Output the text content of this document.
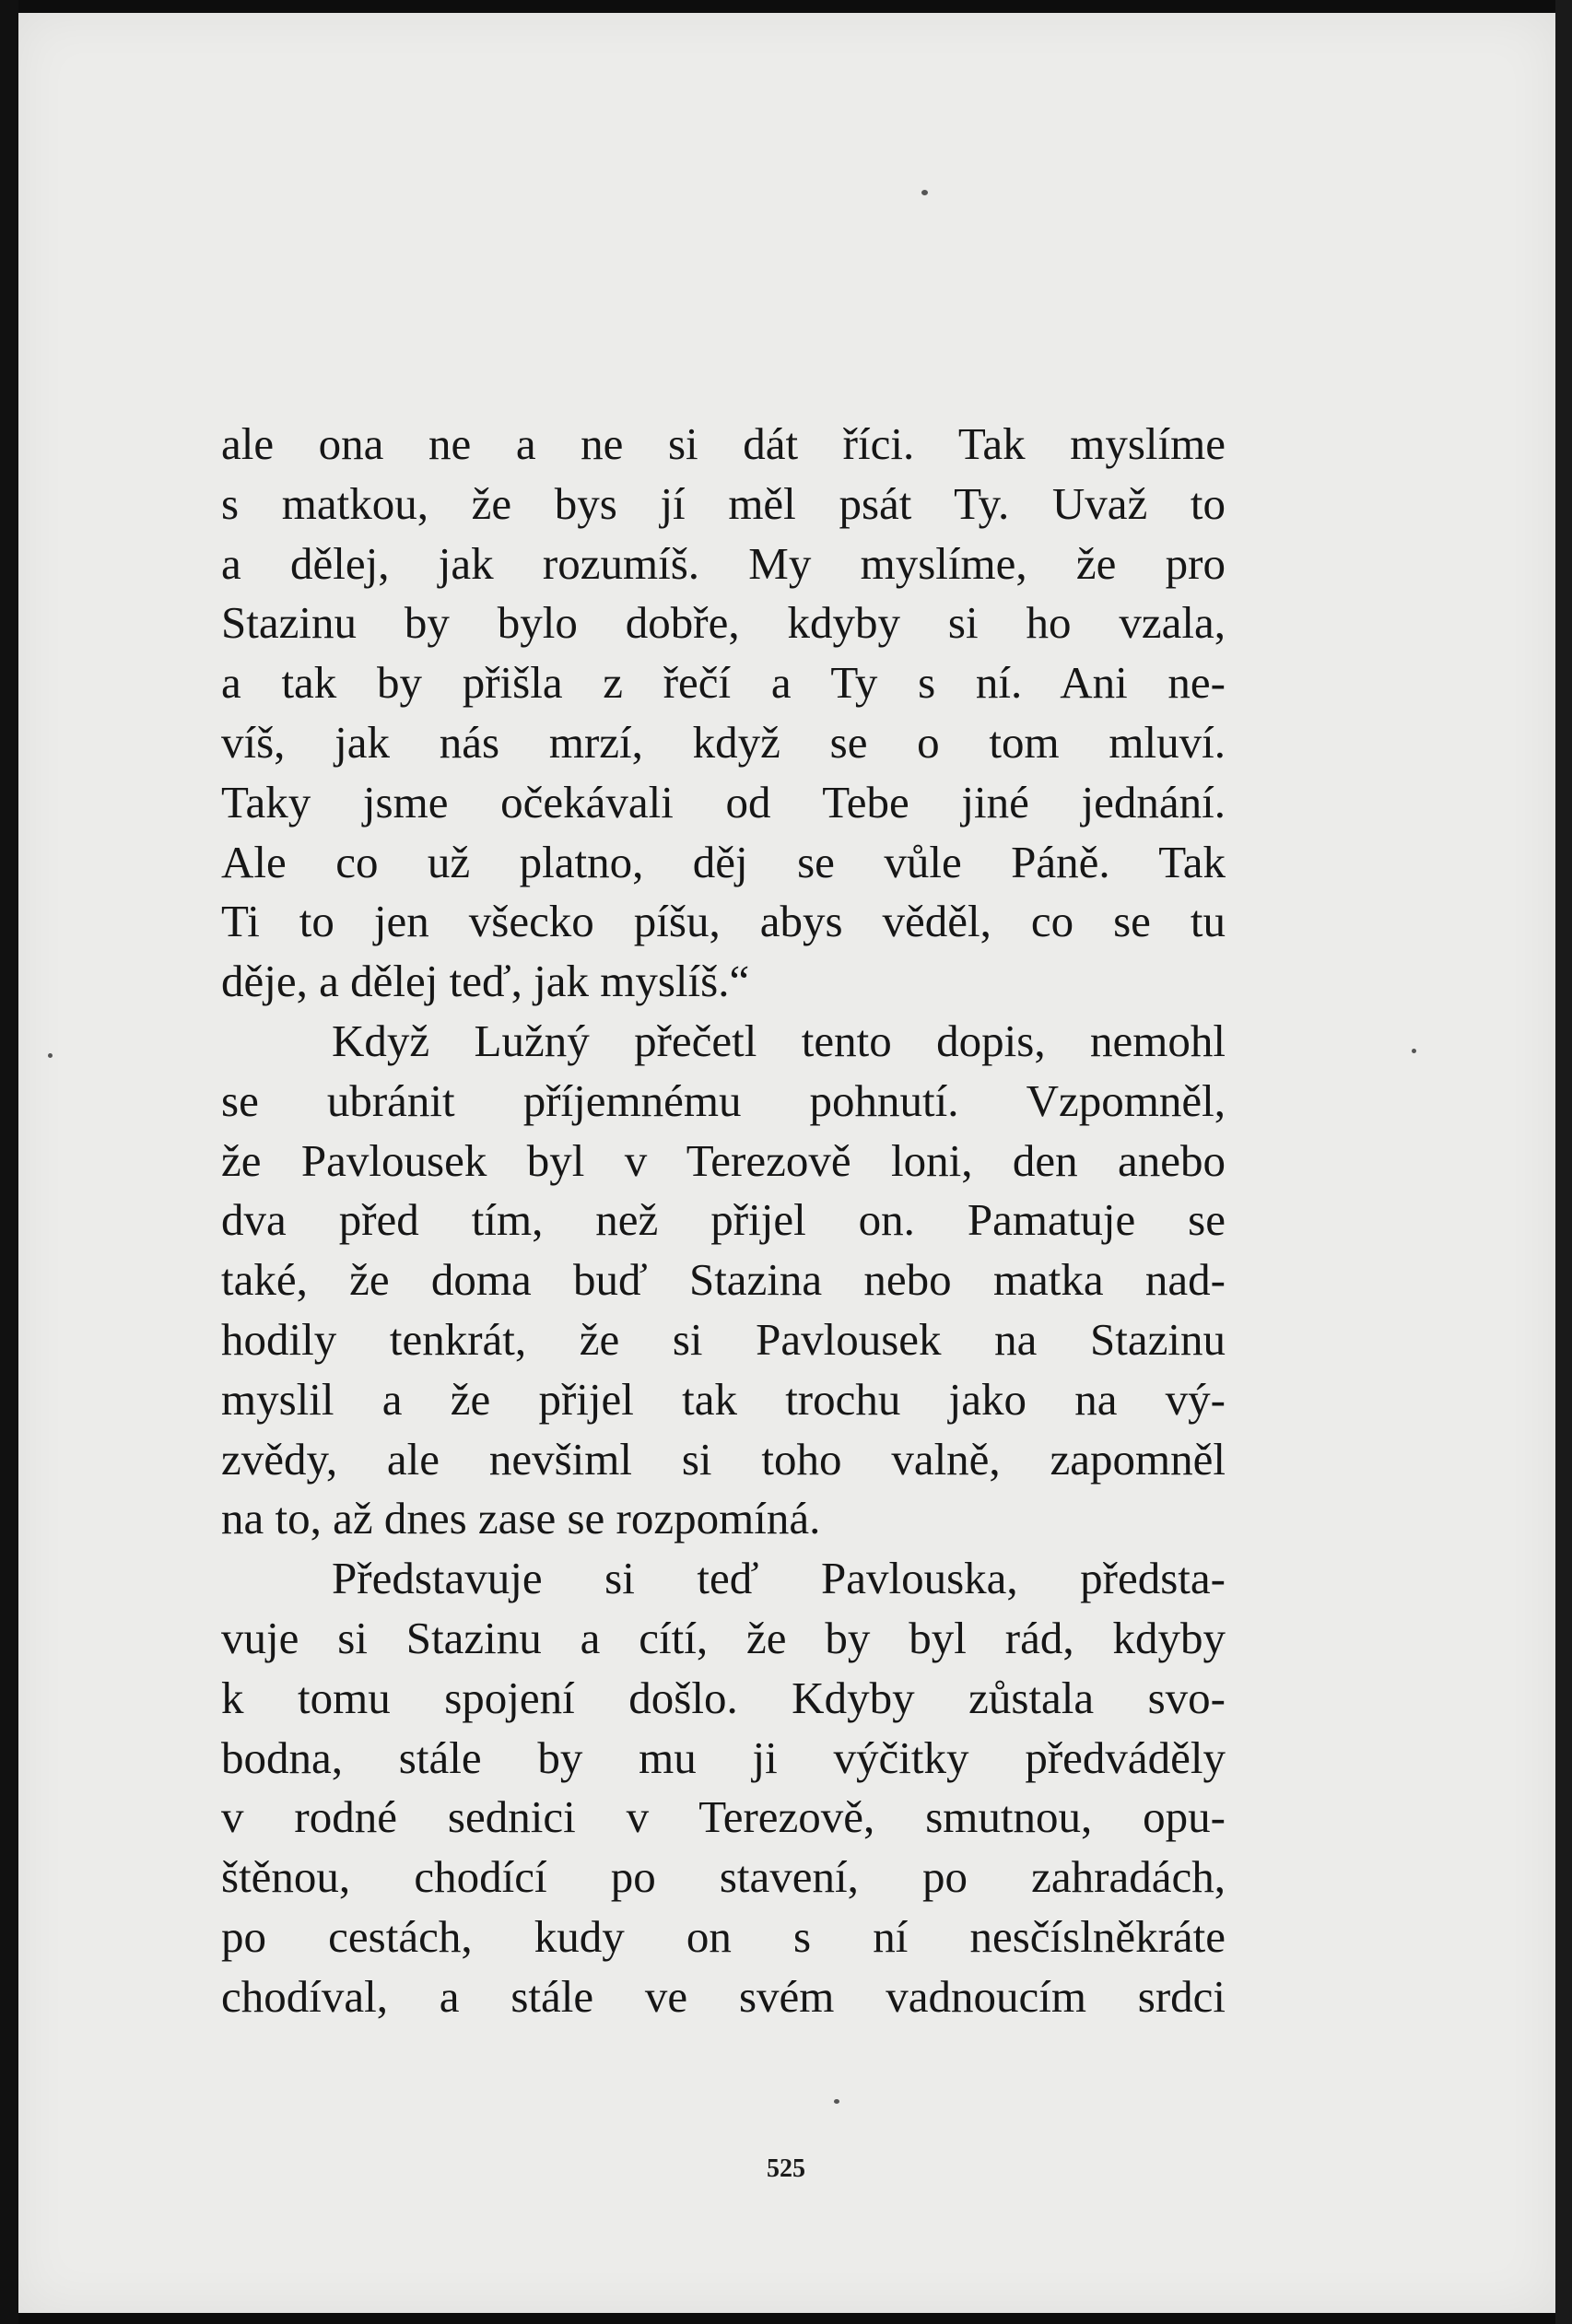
ale ona ne a ne si dát říci. Tak myslíme
s matkou, že bys jí měl psát Ty. Uvaž to
a dělej, jak rozumíš. My myslíme, že pro
Stazinu by bylo dobře, kdyby si ho vzala,
a tak by přišla z řečí a Ty s ní. Ani ne-
víš, jak nás mrzí, když se o tom mluví.
Taky jsme očekávali od Tebe jiné jednání.
Ale co už platno, děj se vůle Páně. Tak
Ti to jen všecko píšu, abys věděl, co se tu
děje, a dělej teď, jak myslíš.“
Když Lužný přečetl tento dopis, nemohl
se ubránit příjemnému pohnutí. Vzpomněl,
že Pavlousek byl v Terezově loni, den anebo
dva před tím, než přijel on. Pamatuje se
také, že doma buď Stazina nebo matka nad-
hodily tenkrát, že si Pavlousek na Stazinu
myslil a že přijel tak trochu jako na vý-
zvědy, ale nevšiml si toho valně, zapomněl
na to, až dnes zase se rozpomíná.
Představuje si teď Pavlouska, předsta-
vuje si Stazinu a cítí, že by byl rád, kdyby
k tomu spojení došlo. Kdyby zůstala svo-
bodna, stále by mu ji výčitky předváděly
v rodné sednici v Terezově, smutnou, opu-
štěnou, chodící po stavení, po zahradách,
po cestách, kudy on s ní nesčíslněkráte
chodíval, a stále ve svém vadnoucím srdci
525
